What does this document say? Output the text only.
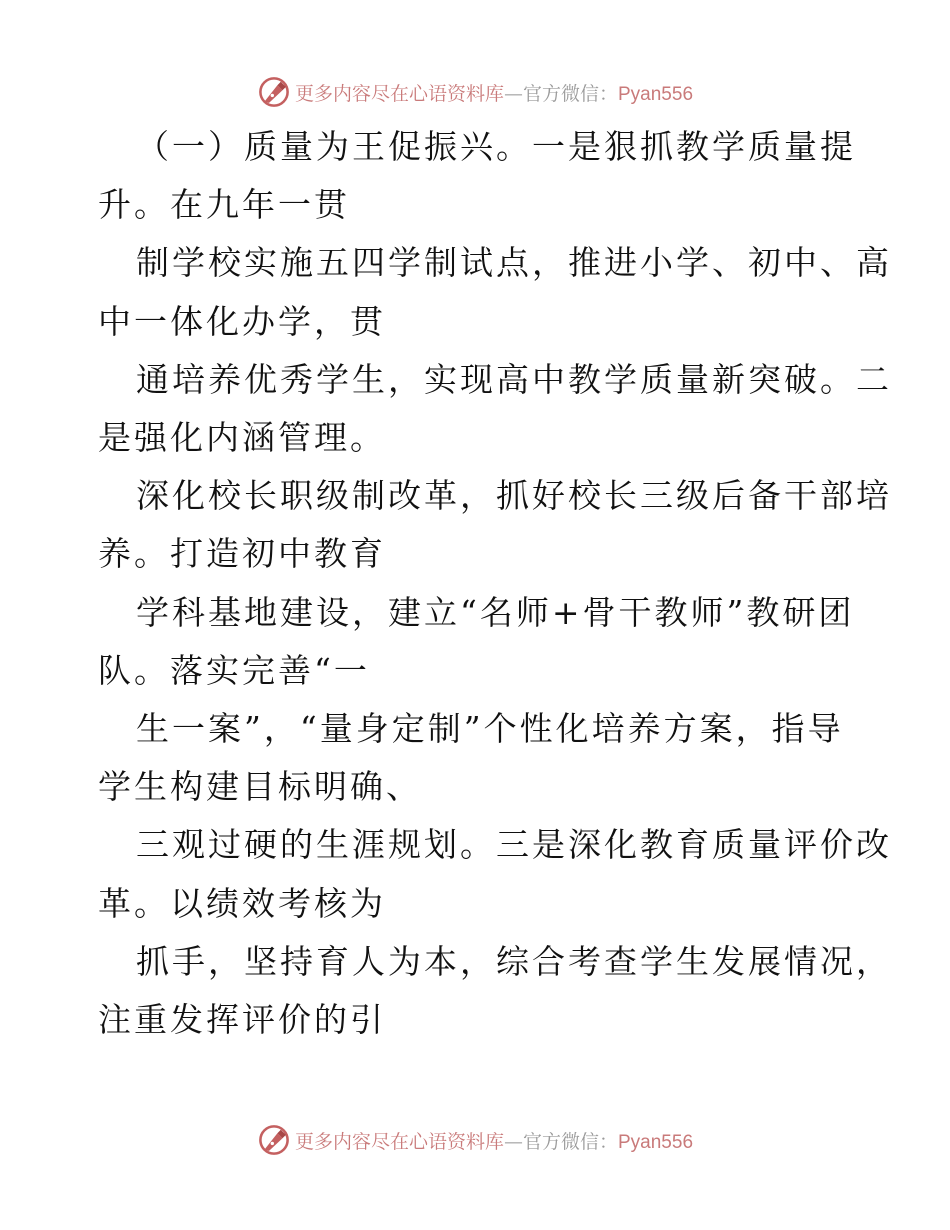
更多内容尽在心语资料库—官方微信：Pyan556
（一）质量为王促振兴。一是狠抓教学质量提
升。在九年一贯
制学校实施五四学制试点，推进小学、初中、高
中一体化办学，贯
通培养优秀学生，实现高中教学质量新突破。二
是强化内涵管理。
深化校长职级制改革，抓好校长三级后备干部培
养。打造初中教育
学科基地建设，建立“名师+骨干教师”教研团
队。落实完善“一
生一案”，“量身定制”个性化培养方案，指导
学生构建目标明确、
三观过硬的生涯规划。三是深化教育质量评价改
革。以绩效考核为
抓手，坚持育人为本，综合考查学生发展情况，
注重发挥评价的引
更多内容尽在心语资料库—官方微信：Pyan556
